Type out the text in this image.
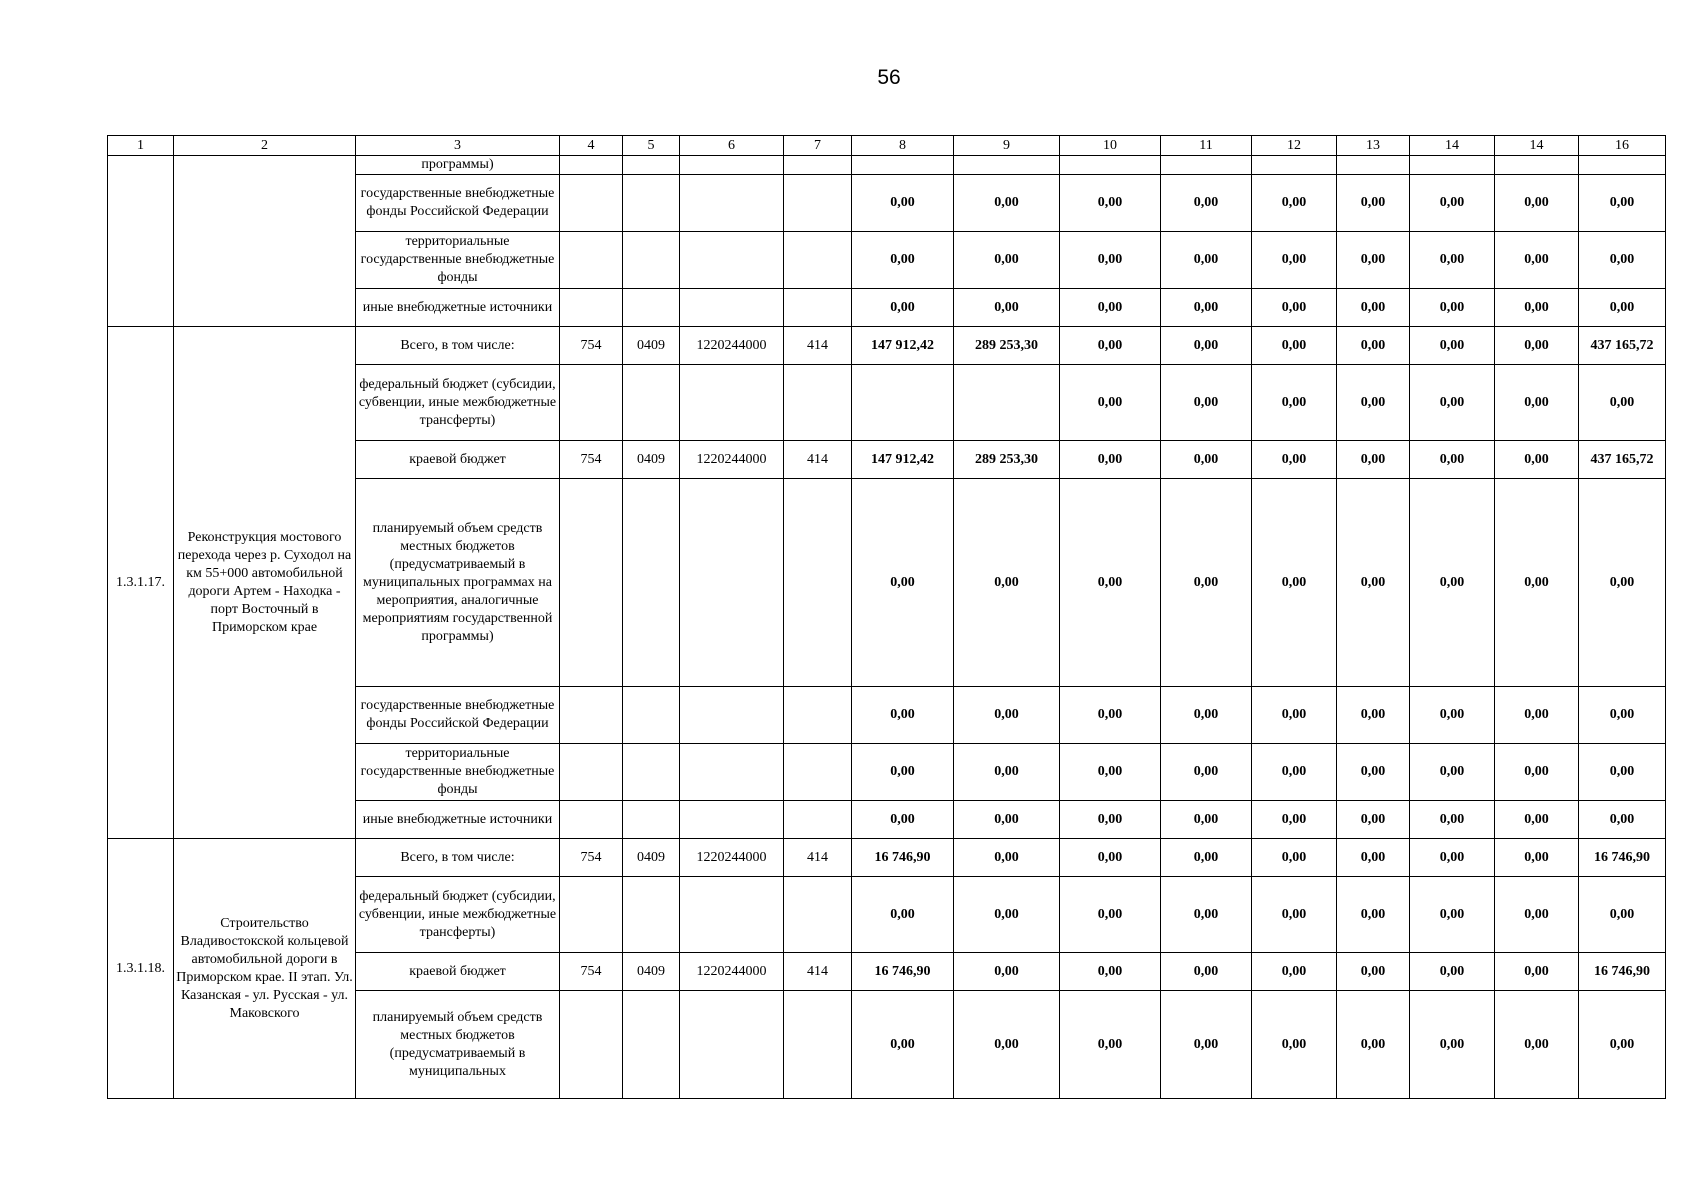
56
1	2	3	4	5	6	7	8	9	10	11	12	13	14	14	16
		программы)													
		государственные внебюджетные фонды Российской Федерации					0,00	0,00	0,00	0,00	0,00	0,00	0,00	0,00	0,00
		территориальные государственные внебюджетные фонды					0,00	0,00	0,00	0,00	0,00	0,00	0,00	0,00	0,00
		иные внебюджетные источники					0,00	0,00	0,00	0,00	0,00	0,00	0,00	0,00	0,00
1.3.1.17.	Реконструкция мостового перехода через р. Суходол на км 55+000 автомобильной дороги Артем - Находка - порт Восточный в Приморском крае	Всего, в том числе:	754	0409	1220244000	414	147 912,42	289 253,30	0,00	0,00	0,00	0,00	0,00	0,00	437 165,72
		федеральный бюджет (субсидии, субвенции, иные межбюджетные трансферты)							0,00	0,00	0,00	0,00	0,00	0,00	0,00
		краевой бюджет	754	0409	1220244000	414	147 912,42	289 253,30	0,00	0,00	0,00	0,00	0,00	0,00	437 165,72
		планируемый объем средств местных бюджетов (предусматриваемый в муниципальных программах на мероприятия, аналогичные мероприятиям государственной программы)					0,00	0,00	0,00	0,00	0,00	0,00	0,00	0,00	0,00
		государственные внебюджетные фонды Российской Федерации					0,00	0,00	0,00	0,00	0,00	0,00	0,00	0,00	0,00
		территориальные государственные внебюджетные фонды					0,00	0,00	0,00	0,00	0,00	0,00	0,00	0,00	0,00
		иные внебюджетные источники					0,00	0,00	0,00	0,00	0,00	0,00	0,00	0,00	0,00
1.3.1.18.	Строительство Владивостокской кольцевой автомобильной дороги в Приморском крае. II этап. Ул. Казанская - ул. Русская - ул. Маковского	Всего, в том числе:	754	0409	1220244000	414	16 746,90	0,00	0,00	0,00	0,00	0,00	0,00	0,00	16 746,90
		федеральный бюджет (субсидии, субвенции, иные межбюджетные трансферты)					0,00	0,00	0,00	0,00	0,00	0,00	0,00	0,00	0,00
		краевой бюджет	754	0409	1220244000	414	16 746,90	0,00	0,00	0,00	0,00	0,00	0,00	0,00	16 746,90
		планируемый объем средств местных бюджетов (предусматриваемый в муниципальных					0,00	0,00	0,00	0,00	0,00	0,00	0,00	0,00	0,00
